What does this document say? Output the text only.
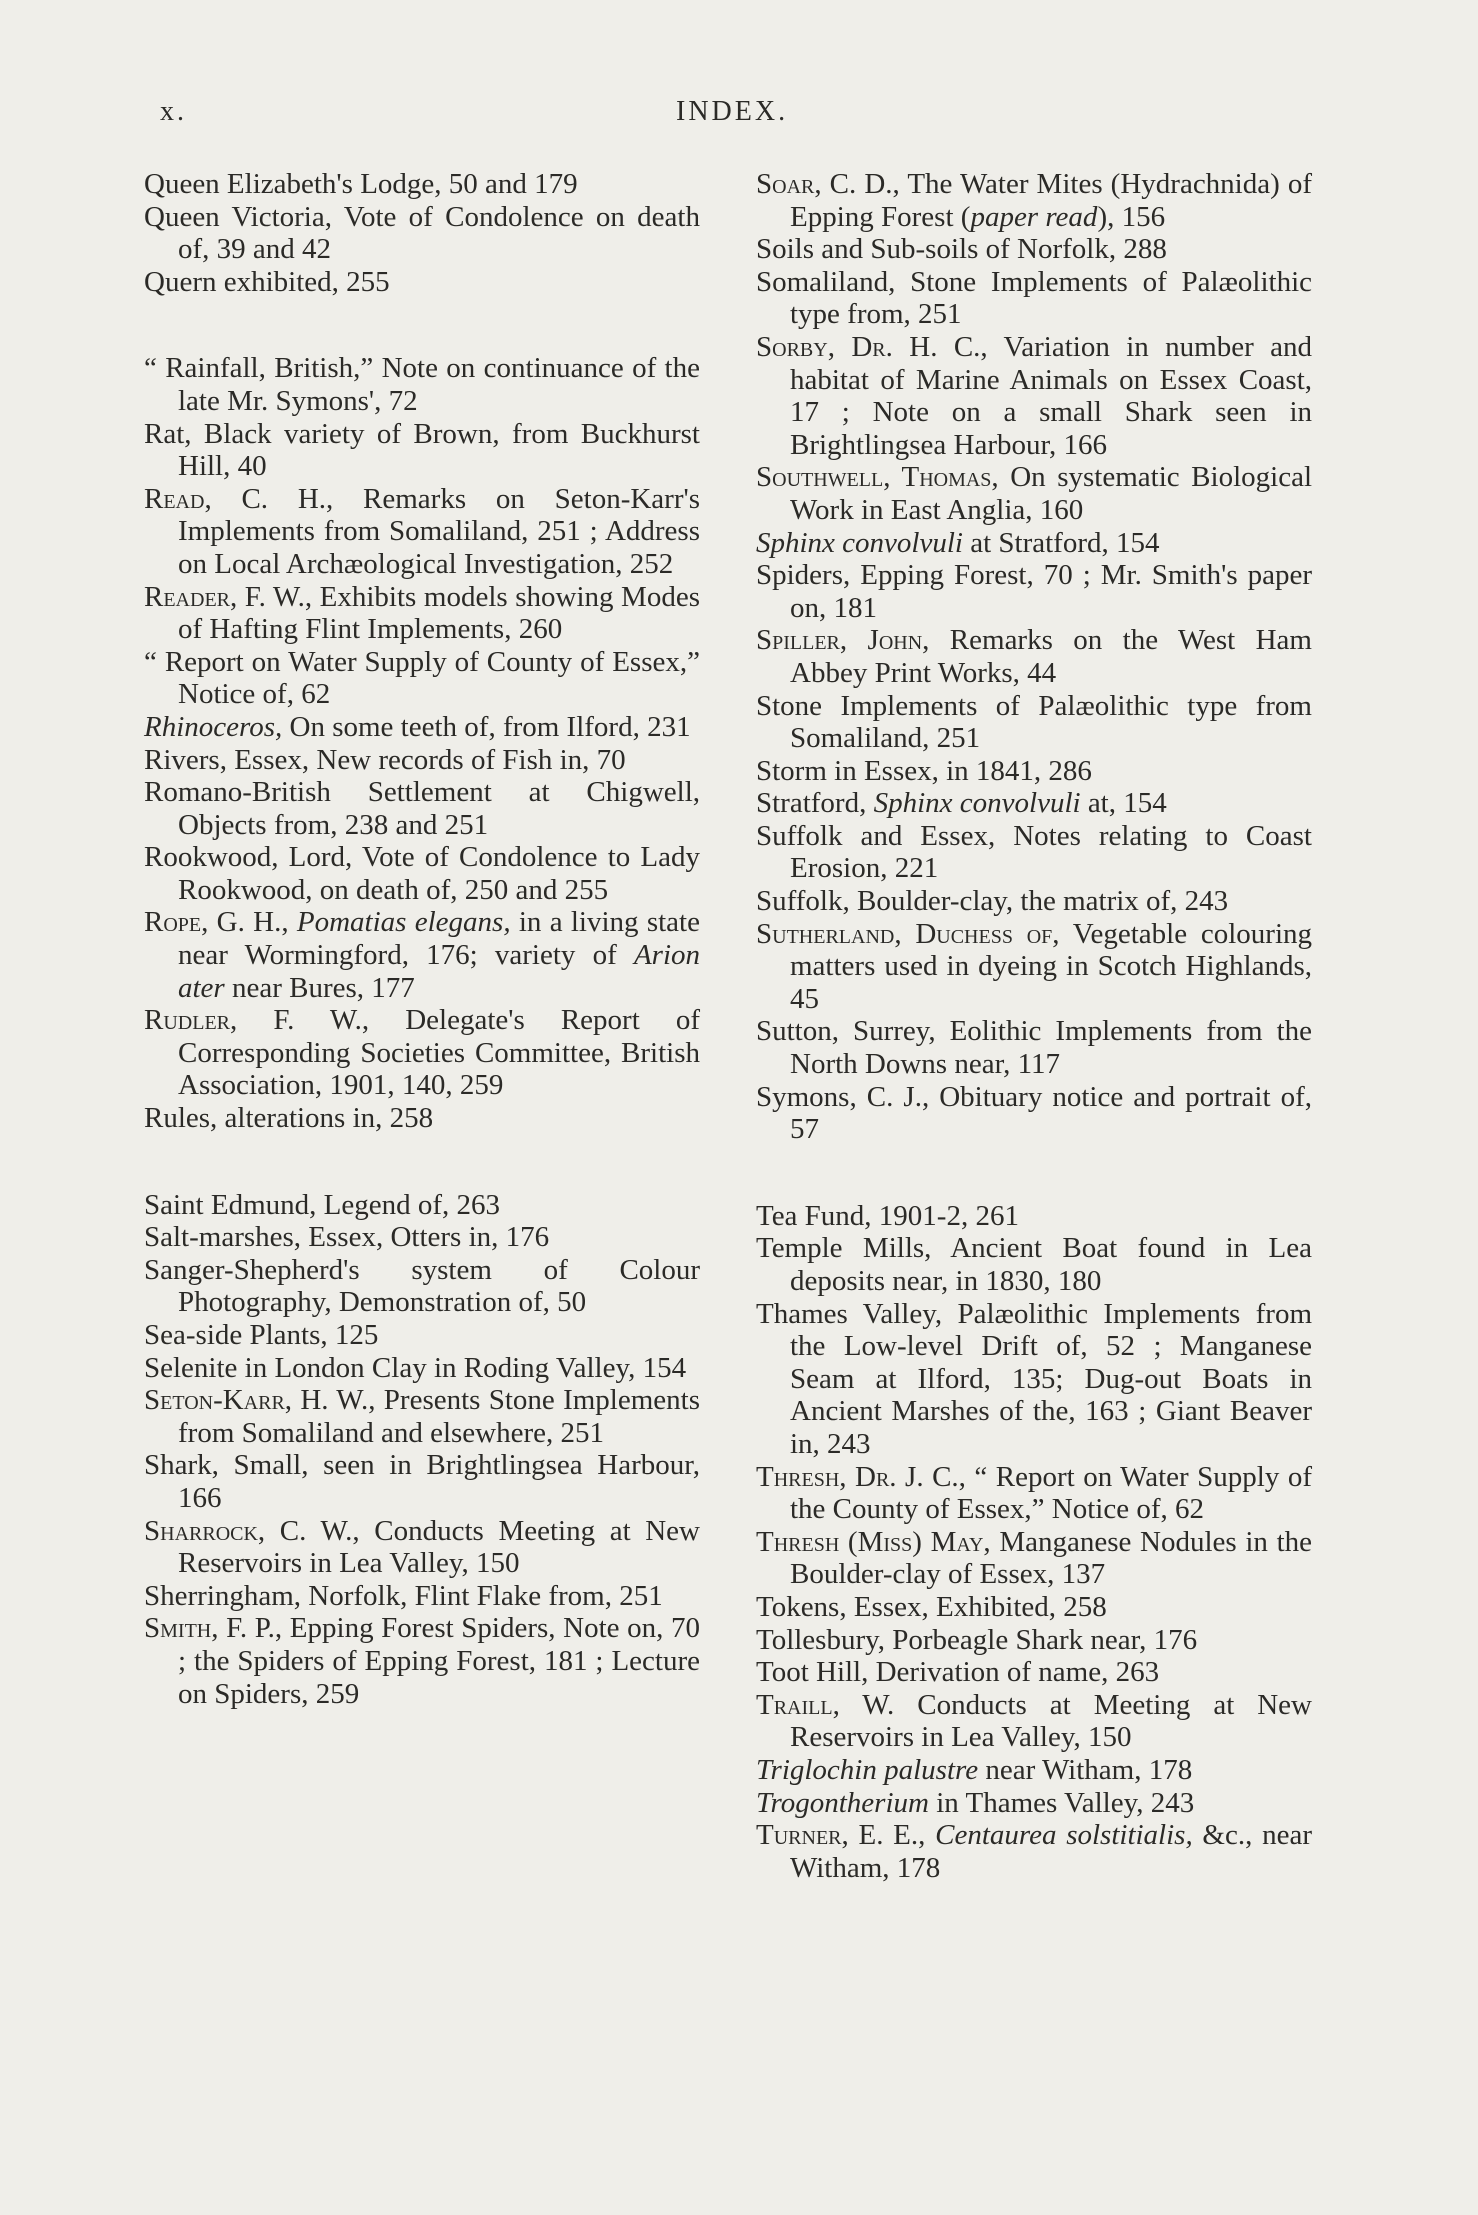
x.	INDEX.

Queen Elizabeth's Lodge, 50 and 179

Queen Victoria, Vote of Condolence on death of, 39 and 42

Quern exhibited, 255

“ Rainfall, British,” Note on continuance of the late Mr. Symons', 72

Rat, Black variety of Brown, from Buckhurst Hill, 40

Read, C. H., Remarks on Seton-Karr's Implements from Somaliland, 251 ; Address on Local Archæological Investigation, 252

Reader, F. W., Exhibits models showing Modes of Hafting Flint Implements, 260

“ Report on Water Supply of County of Essex,” Notice of, 62

Rhinoceros, On some teeth of, from Ilford, 231

Rivers, Essex, New records of Fish in, 70

Romano-British Settlement at Chigwell, Objects from, 238 and 251

Rookwood, Lord, Vote of Condolence to Lady Rookwood, on death of, 250 and 255

Rope, G. H., Pomatias elegans, in a living state near Wormingford, 176; variety of Arion ater near Bures, 177

Rudler, F. W., Delegate's Report of Corresponding Societies Committee, British Association, 1901, 140, 259

Rules, alterations in, 258

Saint Edmund, Legend of, 263

Salt-marshes, Essex, Otters in, 176

Sanger-Shepherd's system of Colour Photography, Demonstration of, 50

Sea-side Plants, 125

Selenite in London Clay in Roding Valley, 154

Seton-Karr, H. W., Presents Stone Implements from Somaliland and elsewhere, 251

Shark, Small, seen in Brightlingsea Harbour, 166

Sharrock, C. W., Conducts Meeting at New Reservoirs in Lea Valley, 150

Sherringham, Norfolk, Flint Flake from, 251

Smith, F. P., Epping Forest Spiders, Note on, 70 ; the Spiders of Epping Forest, 181 ; Lecture on Spiders, 259

Soar, C. D., The Water Mites (Hydrachnida) of Epping Forest (paper read), 156

Soils and Sub-soils of Norfolk, 288

Somaliland, Stone Implements of Palæolithic type from, 251

Sorby, Dr. H. C., Variation in number and habitat of Marine Animals on Essex Coast, 17 ; Note on a small Shark seen in Brightlingsea Harbour, 166

Southwell, Thomas, On systematic Biological Work in East Anglia, 160

Sphinx convolvuli at Stratford, 154

Spiders, Epping Forest, 70 ; Mr. Smith's paper on, 181

Spiller, John, Remarks on the West Ham Abbey Print Works, 44

Stone Implements of Palæolithic type from Somaliland, 251

Storm in Essex, in 1841, 286

Stratford, Sphinx convolvuli at, 154

Suffolk and Essex, Notes relating to Coast Erosion, 221

Suffolk, Boulder-clay, the matrix of, 243

Sutherland, Duchess of, Vegetable colouring matters used in dyeing in Scotch Highlands, 45

Sutton, Surrey, Eolithic Implements from the North Downs near, 117

Symons, C. J., Obituary notice and portrait of, 57

Tea Fund, 1901-2, 261

Temple Mills, Ancient Boat found in Lea deposits near, in 1830, 180

Thames Valley, Palæolithic Implements from the Low-level Drift of, 52 ; Manganese Seam at Ilford, 135; Dug-out Boats in Ancient Marshes of the, 163 ; Giant Beaver in, 243

Thresh, Dr. J. C., “ Report on Water Supply of the County of Essex,” Notice of, 62

Thresh (Miss) May, Manganese Nodules in the Boulder-clay of Essex, 137

Tokens, Essex, Exhibited, 258

Tollesbury, Porbeagle Shark near, 176

Toot Hill, Derivation of name, 263

Traill, W. Conducts at Meeting at New Reservoirs in Lea Valley, 150

Triglochin palustre near Witham, 178

Trogontherium in Thames Valley, 243

Turner, E. E., Centaurea solstitialis, &c., near Witham, 178
